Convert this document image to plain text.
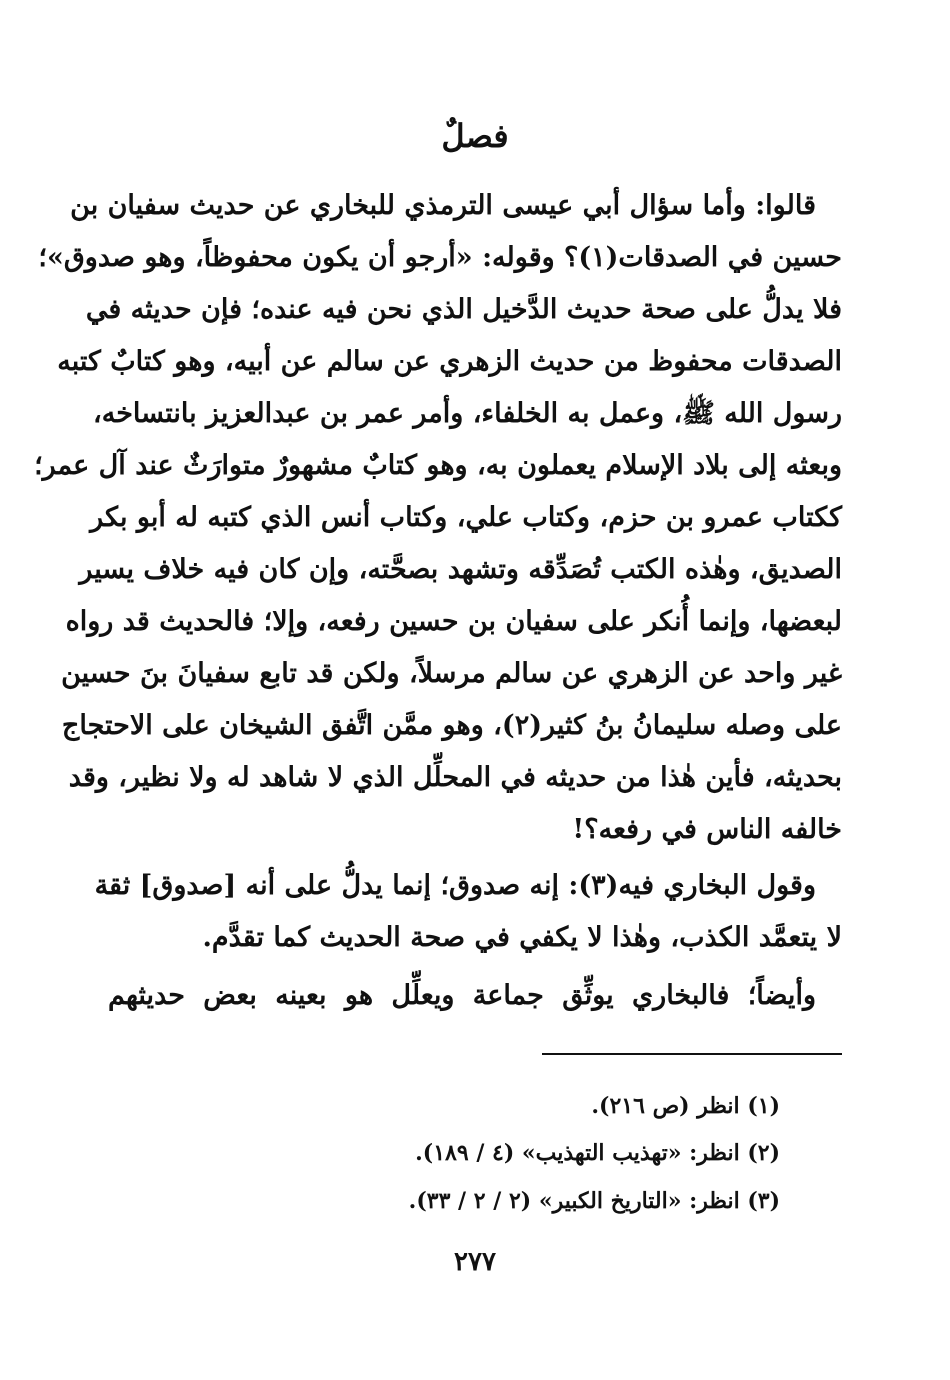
فصلٌ
قالوا: وأما سؤال أبي عيسى الترمذي للبخاري عن حديث سفيان بن
حسين في الصدقات(١)؟ وقوله: «أرجو أن يكون محفوظاً، وهو صدوق»؛
فلا يدلُّ على صحة حديث الدَّخيل الذي نحن فيه عنده؛ فإن حديثه في
الصدقات محفوظ من حديث الزهري عن سالم عن أبيه، وهو كتابٌ كتبه
رسول الله ﷺ، وعمل به الخلفاء، وأمر عمر بن عبدالعزيز بانتساخه،
وبعثه إلى بلاد الإسلام يعملون به، وهو كتابٌ مشهورٌ متوارَثٌ عند آل عمر؛
ككتاب عمرو بن حزم، وكتاب علي، وكتاب أنس الذي كتبه له أبو بكر
الصديق، وهٰذه الكتب تُصَدِّقه وتشهد بصحَّته، وإن كان فيه خلاف يسير
لبعضها، وإنما أُنكر على سفيان بن حسين رفعه، وإلا؛ فالحديث قد رواه
غير واحد عن الزهري عن سالم مرسلاً، ولكن قد تابع سفيانَ بنَ حسين
على وصله سليمانُ بنُ كثير(٢)، وهو ممَّن اتَّفق الشيخان على الاحتجاج
بحديثه، فأين هٰذا من حديثه في المحلِّل الذي لا شاهد له ولا نظير، وقد
خالفه الناس في رفعه؟!
وقول البخاري فيه(٣): إنه صدوق؛ إنما يدلُّ على أنه [صدوق] ثقة
لا يتعمَّد الكذب، وهٰذا لا يكفي في صحة الحديث كما تقدَّم.
وأيضاً؛ فالبخاري يوثِّق جماعة ويعلِّل هو بعينه بعض حديثهم
(١) انظر (ص ٢١٦).
(٢) انظر: «تهذيب التهذيب» (٤ / ١٨٩).
(٣) انظر: «التاريخ الكبير» (٢ / ٢ / ٣٣).
٢٧٧
